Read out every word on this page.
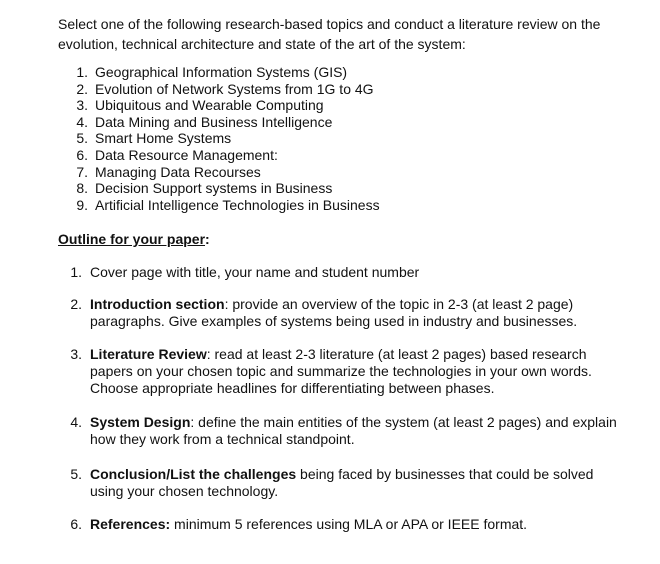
Select one of the following research-based topics and conduct a literature review on the evolution, technical architecture and state of the art of the system:
1. Geographical Information Systems (GIS)
2. Evolution of Network Systems from 1G to 4G
3. Ubiquitous and Wearable Computing
4. Data Mining and Business Intelligence
5. Smart Home Systems
6. Data Resource Management:
7. Managing Data Recourses
8. Decision Support systems in Business
9. Artificial Intelligence Technologies in Business
Outline for your paper:
1. Cover page with title, your name and student number
2. Introduction section: provide an overview of the topic in 2-3 (at least 2 page) paragraphs. Give examples of systems being used in industry and businesses.
3. Literature Review: read at least 2-3 literature (at least 2 pages) based research papers on your chosen topic and summarize the technologies in your own words. Choose appropriate headlines for differentiating between phases.
4. System Design: define the main entities of the system (at least 2 pages) and explain how they work from a technical standpoint.
5. Conclusion/List the challenges being faced by businesses that could be solved using your chosen technology.
6. References: minimum 5 references using MLA or APA or IEEE format.
